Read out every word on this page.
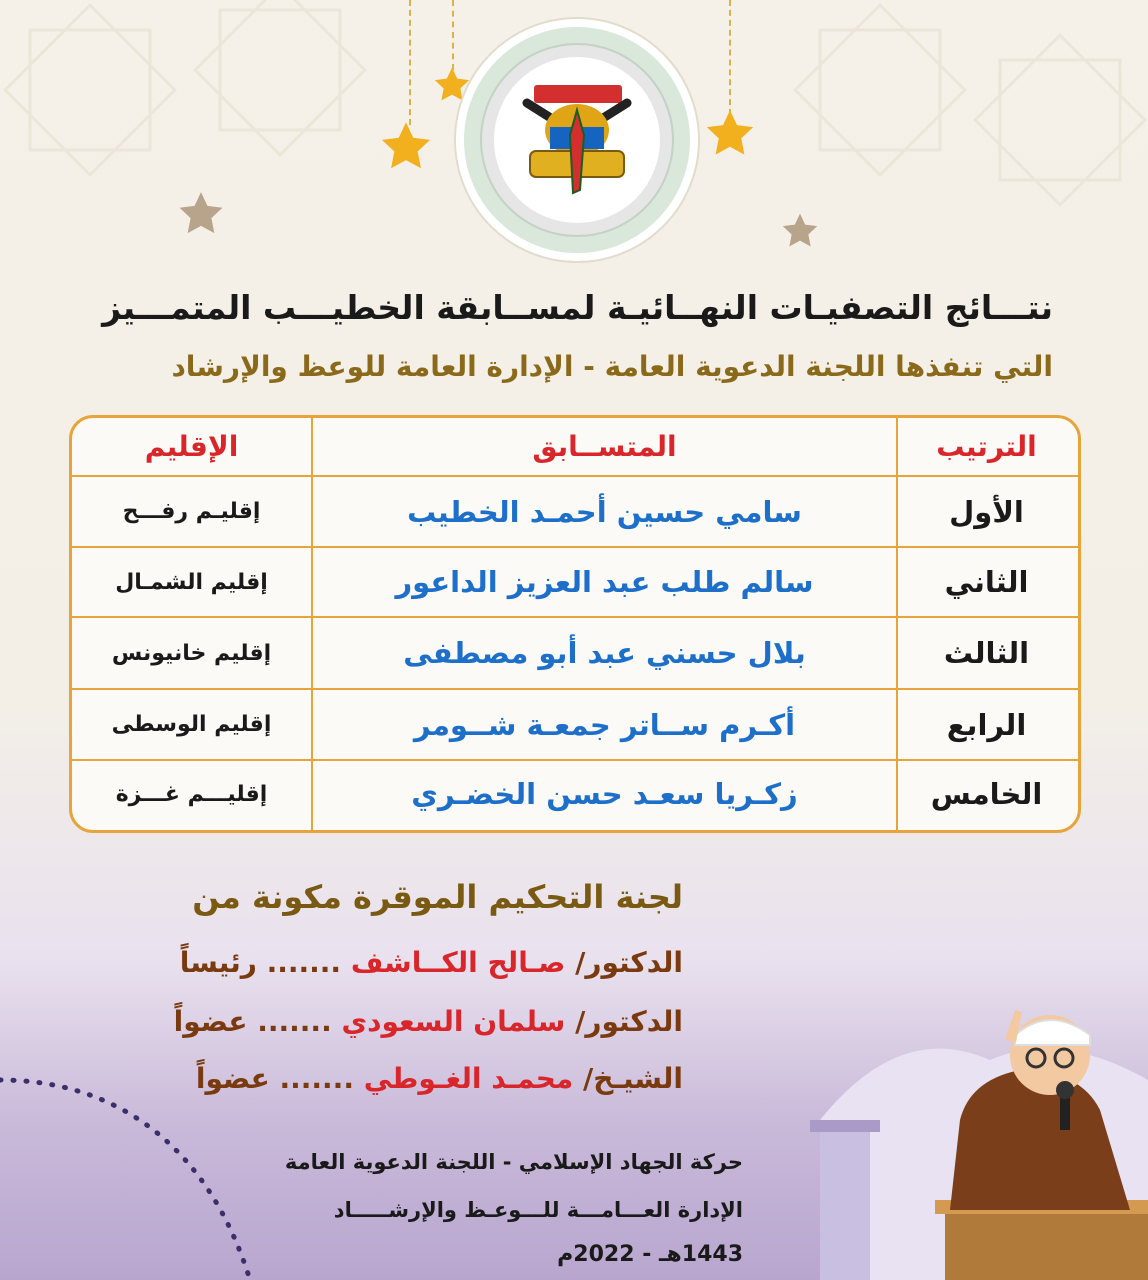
نتـــائج التصفيـات النهــائيـة لمســابقة الخطيـــب المتمـــيز
التي تنفذها اللجنة الدعوية العامة - الإدارة العامة للوعظ والإرشاد
الترتيب
المتســابق
الإقليم
الأول
سامي حسين أحمـد الخطيب
إقليـم رفـــح
الثاني
سالم طلب عبد العزيز الداعور
إقليم الشمـال
الثالث
بلال حسني عبد أبو مصطفى
إقليم خانيونس
الرابع
أكـرم ســاتر جمعـة شــومر
إقليم الوسطى
الخامس
زكـريا سعـد حسن الخضـري
إقليـــم غـــزة
لجنة التحكيم الموقرة مكونة من
الدكتور/ صـالح الكــاشف ....... رئيساً
الدكتور/ سلمان السعودي ....... عضواً
الشيـخ/ محمـد الغـوطي ....... عضواً
حركة الجهاد الإسلامي - اللجنة الدعوية العامة
الإدارة العـــامـــة للـــوعـظ والإرشـــــاد
1443هـ - 2022م
